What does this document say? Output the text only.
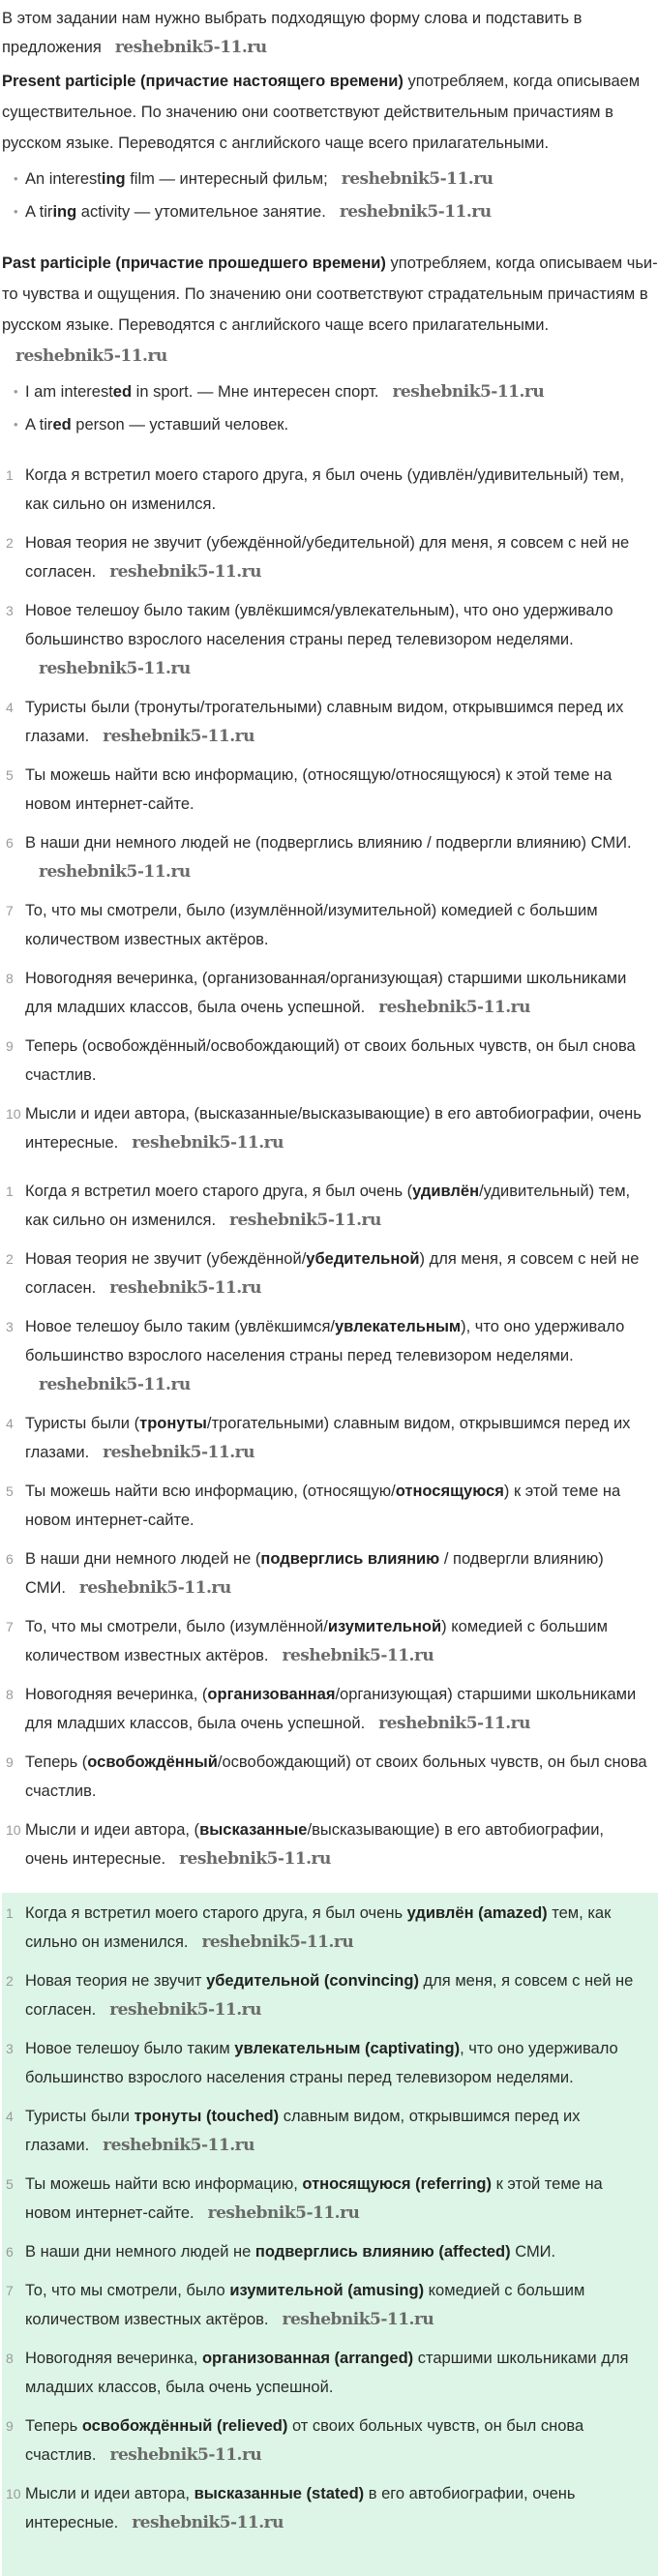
В этом задании нам нужно выбрать подходящую форму слова и подставить в предложения reshebnik5-11.ru

Present participle (причастие настоящего времени) употребляем, когда описываем существительное. По значению они соответствуют действительным причастиям в русском языке. Переводятся с английского чаще всего прилагательными.

• An interesting film — интересный фильм; reshebnik5-11.ru
• A tiring activity — утомительное занятие. reshebnik5-11.ru

Past participle (причастие прошедшего времени) употребляем, когда описываем чьи-то чувства и ощущения. По значению они соответствуют страдательным причастиям в русском языке. Переводятся с английского чаще всего прилагательными.reshebnik5-11.ru

• I am interested in sport. — Мне интересен спорт. reshebnik5-11.ru
• A tired person — уставший человек.
1 Когда я встретил моего старого друга, я был очень (удивлён/удивительный) тем, как сильно он изменился.
2 Новая теория не звучит (убеждённой/убедительной) для меня, я совсем с ней не согласен. reshebnik5-11.ru
3 Новое телешоу было таким (увлёкшимся/увлекательным), что оно удерживало большинство взрослого населения страны перед телевизором неделями.reshebnik5-11.ru
4 Туристы были (тронуты/трогательными) славным видом, открывшимся перед их глазами. reshebnik5-11.ru
5 Ты можешь найти всю информацию, (относящую/относящуюся) к этой теме на новом интернет-сайте.
6 В наши дни немного людей не (подверглись влиянию / подвергли влиянию) СМИ.reshebnik5-11.ru
7 То, что мы смотрели, было (изумлённой/изумительной) комедией с большим количеством известных актёров.
8 Новогодняя вечеринка, (организованная/организующая) старшими школьниками для младших классов, была очень успешной. reshebnik5-11.ru
9 Теперь (освобождённый/освобождающий) от своих больных чувств, он был снова счастлив.
10 Мысли и идеи автора, (высказанные/высказывающие) в его автобиографии, очень интересные. reshebnik5-11.ru
1 Когда я встретил моего старого друга, я был очень (удивлён/удивительный) тем, как сильно он изменился. reshebnik5-11.ru
2 Новая теория не звучит (убеждённой/убедительной) для меня, я совсем с ней не согласен. reshebnik5-11.ru
3 Новое телешоу было таким (увлёкшимся/увлекательным), что оно удерживало большинство взрослого населения страны перед телевизором неделями.reshebnik5-11.ru
4 Туристы были (тронуты/трогательными) славным видом, открывшимся перед их глазами. reshebnik5-11.ru
5 Ты можешь найти всю информацию, (относящую/относящуюся) к этой теме на новом интернет-сайте.
6 В наши дни немного людей не (подверглись влиянию / подвергли влиянию) СМИ. reshebnik5-11.ru
7 То, что мы смотрели, было (изумлённой/изумительной) комедией с большим количеством известных актёров. reshebnik5-11.ru
8 Новогодняя вечеринка, (организованная/организующая) старшими школьниками для младших классов, была очень успешной. reshebnik5-11.ru
9 Теперь (освобождённый/освобождающий) от своих больных чувств, он был снова счастлив.
10 Мысли и идеи автора, (высказанные/высказывающие) в его автобиографии, очень интересные. reshebnik5-11.ru
1 Когда я встретил моего старого друга, я был очень удивлён (amazed) тем, как сильно он изменился. reshebnik5-11.ru
2 Новая теория не звучит убедительной (convincing) для меня, я совсем с ней не согласен. reshebnik5-11.ru
3 Новое телешоу было таким увлекательным (captivating), что оно удерживало большинство взрослого населения страны перед телевизором неделями.
4 Туристы были тронуты (touched) славным видом, открывшимся перед их глазами. reshebnik5-11.ru
5 Ты можешь найти всю информацию, относящуюся (referring) к этой теме на новом интернет-сайте. reshebnik5-11.ru
6 В наши дни немного людей не подверглись влиянию (affected) СМИ.
7 То, что мы смотрели, было изумительной (amusing) комедией с большим количеством известных актёров. reshebnik5-11.ru
8 Новогодняя вечеринка, организованная (arranged) старшими школьниками для младших классов, была очень успешной.
9 Теперь освобождённый (relieved) от своих больных чувств, он был снова счастлив. reshebnik5-11.ru
10 Мысли и идеи автора, высказанные (stated) в его автобиографии, очень интересные. reshebnik5-11.ru
